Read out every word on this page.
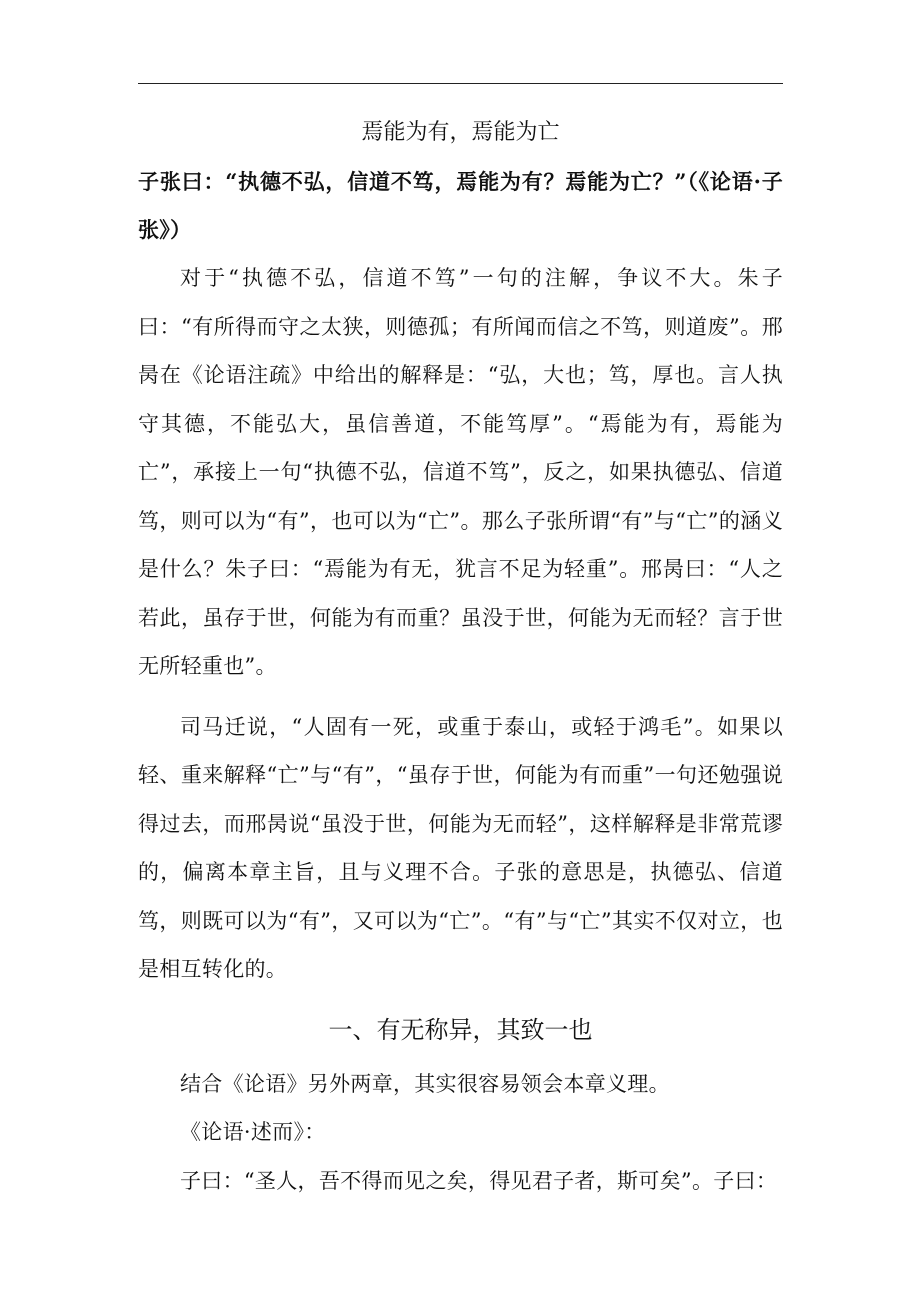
焉能为有，焉能为亡

子张曰：“执德不弘，信道不笃，焉能为有？焉能为亡？”（《论语·子张》）

对于“执德不弘，信道不笃”一句的注解，争议不大。朱子曰：“有所得而守之太狭，则德孤；有所闻而信之不笃，则道废”。邢昺在《论语注疏》中给出的解释是：“弘，大也；笃，厚也。言人执守其德，不能弘大，虽信善道，不能笃厚”。“焉能为有，焉能为亡”，承接上一句“执德不弘，信道不笃”，反之，如果执德弘、信道笃，则可以为“有”，也可以为“亡”。那么子张所谓“有”与“亡”的涵义是什么？朱子曰：“焉能为有无，犹言不足为轻重”。邢昺曰：“人之若此，虽存于世，何能为有而重？虽没于世，何能为无而轻？言于世无所轻重也”。

司马迁说，“人固有一死，或重于泰山，或轻于鸿毛”。如果以轻、重来解释“亡”与“有”，“虽存于世，何能为有而重”一句还勉强说得过去，而邢昺说“虽没于世，何能为无而轻”，这样解释是非常荒谬的，偏离本章主旨，且与义理不合。子张的意思是，执德弘、信道笃，则既可以为“有”，又可以为“亡”。“有”与“亡”其实不仅对立，也是相互转化的。

一、有无称异，其致一也

结合《论语》另外两章，其实很容易领会本章义理。

《论语·述而》：

子曰：“圣人，吾不得而见之矣，得见君子者，斯可矣”。子曰：
